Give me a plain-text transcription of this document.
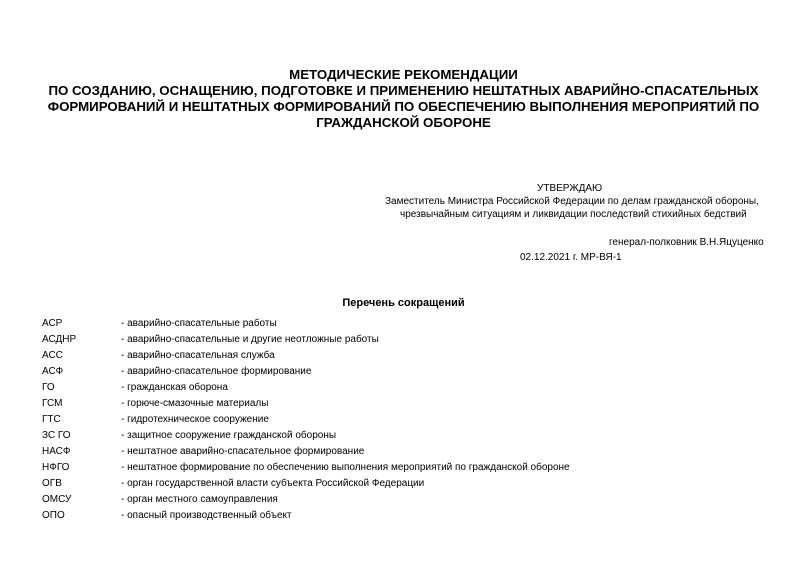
МЕТОДИЧЕСКИЕ РЕКОМЕНДАЦИИ
ПО СОЗДАНИЮ, ОСНАЩЕНИЮ, ПОДГОТОВКЕ И ПРИМЕНЕНИЮ НЕШТАТНЫХ АВАРИЙНО-СПАСАТЕЛЬНЫХ
ФОРМИРОВАНИЙ И НЕШТАТНЫХ ФОРМИРОВАНИЙ ПО ОБЕСПЕЧЕНИЮ ВЫПОЛНЕНИЯ МЕРОПРИЯТИЙ ПО
ГРАЖДАНСКОЙ ОБОРОНЕ
УТВЕРЖДАЮ
Заместитель Министра Российской Федерации по делам гражданской обороны,
чрезвычайным ситуациям и ликвидации последствий стихийных бедствий
генерал-полковник В.Н.Яцуценко
02.12.2021 г. МР-ВЯ-1
Перечень сокращений
АСР	- аварийно-спасательные работы
АСДНР	- аварийно-спасательные и другие неотложные работы
АСС	- аварийно-спасательная служба
АСФ	- аварийно-спасательное формирование
ГО	- гражданская оборона
ГСМ	- горюче-смазочные материалы
ГТС	- гидротехническое сооружение
ЗС ГО	- защитное сооружение гражданской обороны
НАСФ	- нештатное аварийно-спасательное формирование
НФГО	- нештатное формирование по обеспечению выполнения мероприятий по гражданской обороне
ОГВ	- орган государственной власти субъекта Российской Федерации
ОМСУ	- орган местного самоуправления
ОПО	- опасный производственный объект
